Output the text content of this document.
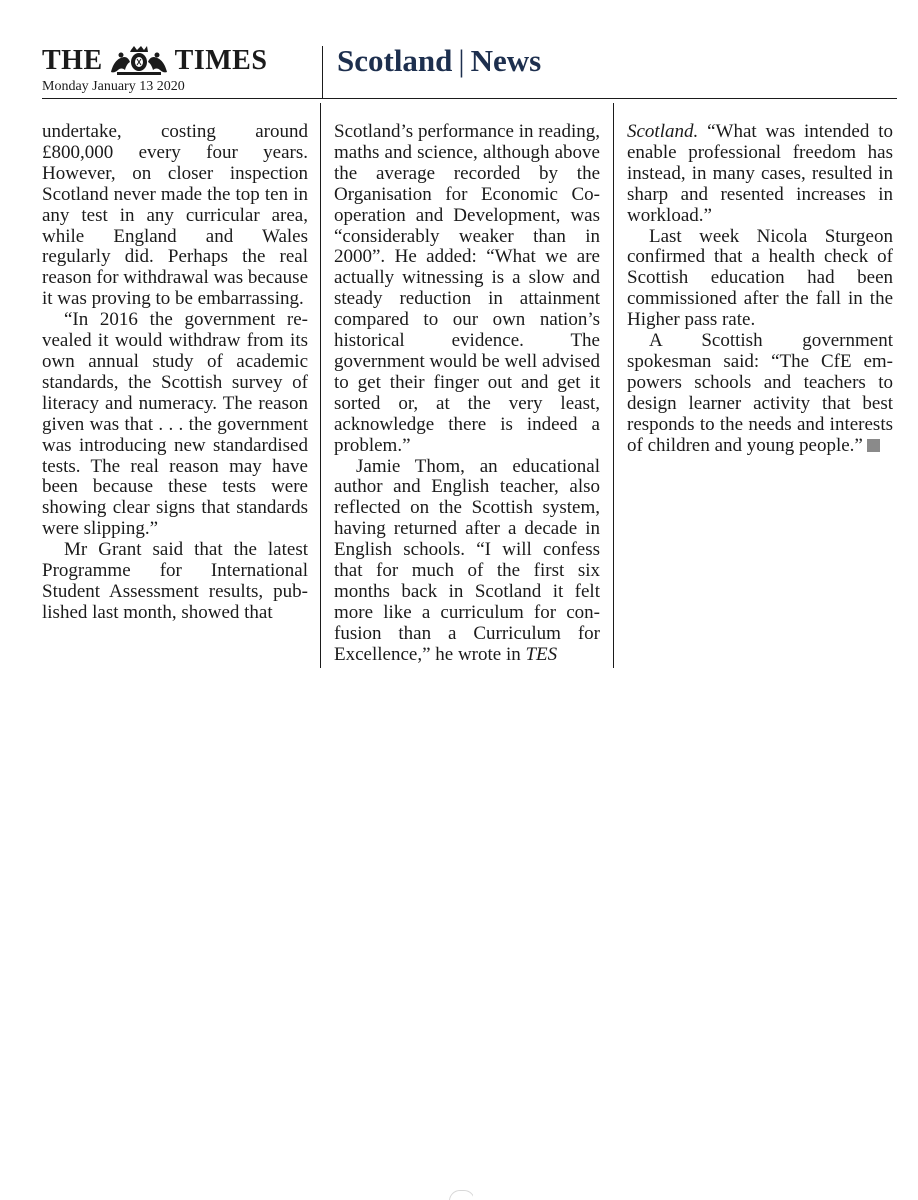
THE	TIMES
Monday January 13 2020
Scotland | News

undertake, costing around £800,000 every four years. However, on closer inspection Scotland never made the top ten in any test in any curricular area, while England and Wales regularly did. Perhaps the real reason for withdrawal was because it was proving to be embarrassing.

“In 2016 the government revealed it would withdraw from its own annual study of academic standards, the Scottish survey of literacy and numeracy. The reason given was that . . . the government was introducing new standardised tests. The real reason may have been because these tests were showing clear signs that standards were slipping.”

Mr Grant said that the latest Programme for International Student Assessment results, published last month, showed that

Scotland’s performance in reading, maths and science, although above the average recorded by the Organisation for Economic Co-operation and Development, was “considerably weaker than in 2000”. He added: “What we are actually witnessing is a slow and steady reduction in attainment compared to our own nation’s historical evidence. The government would be well advised to get their finger out and get it sorted or, at the very least, acknowledge there is indeed a problem.”

Jamie Thom, an educational author and English teacher, also reflected on the Scottish system, having returned after a decade in English schools. “I will confess that for much of the first six months back in Scotland it felt more like a curriculum for confusion than a Curriculum for Excellence,” he wrote in TES

Scotland. “What was intended to enable professional freedom has instead, in many cases, resulted in sharp and resented increases in workload.”

Last week Nicola Sturgeon confirmed that a health check of Scottish education had been commissioned after the fall in the Higher pass rate.

A Scottish government spokesman said: “The CfE empowers schools and teachers to design learner activity that best responds to the needs and interests of children and young people.”
